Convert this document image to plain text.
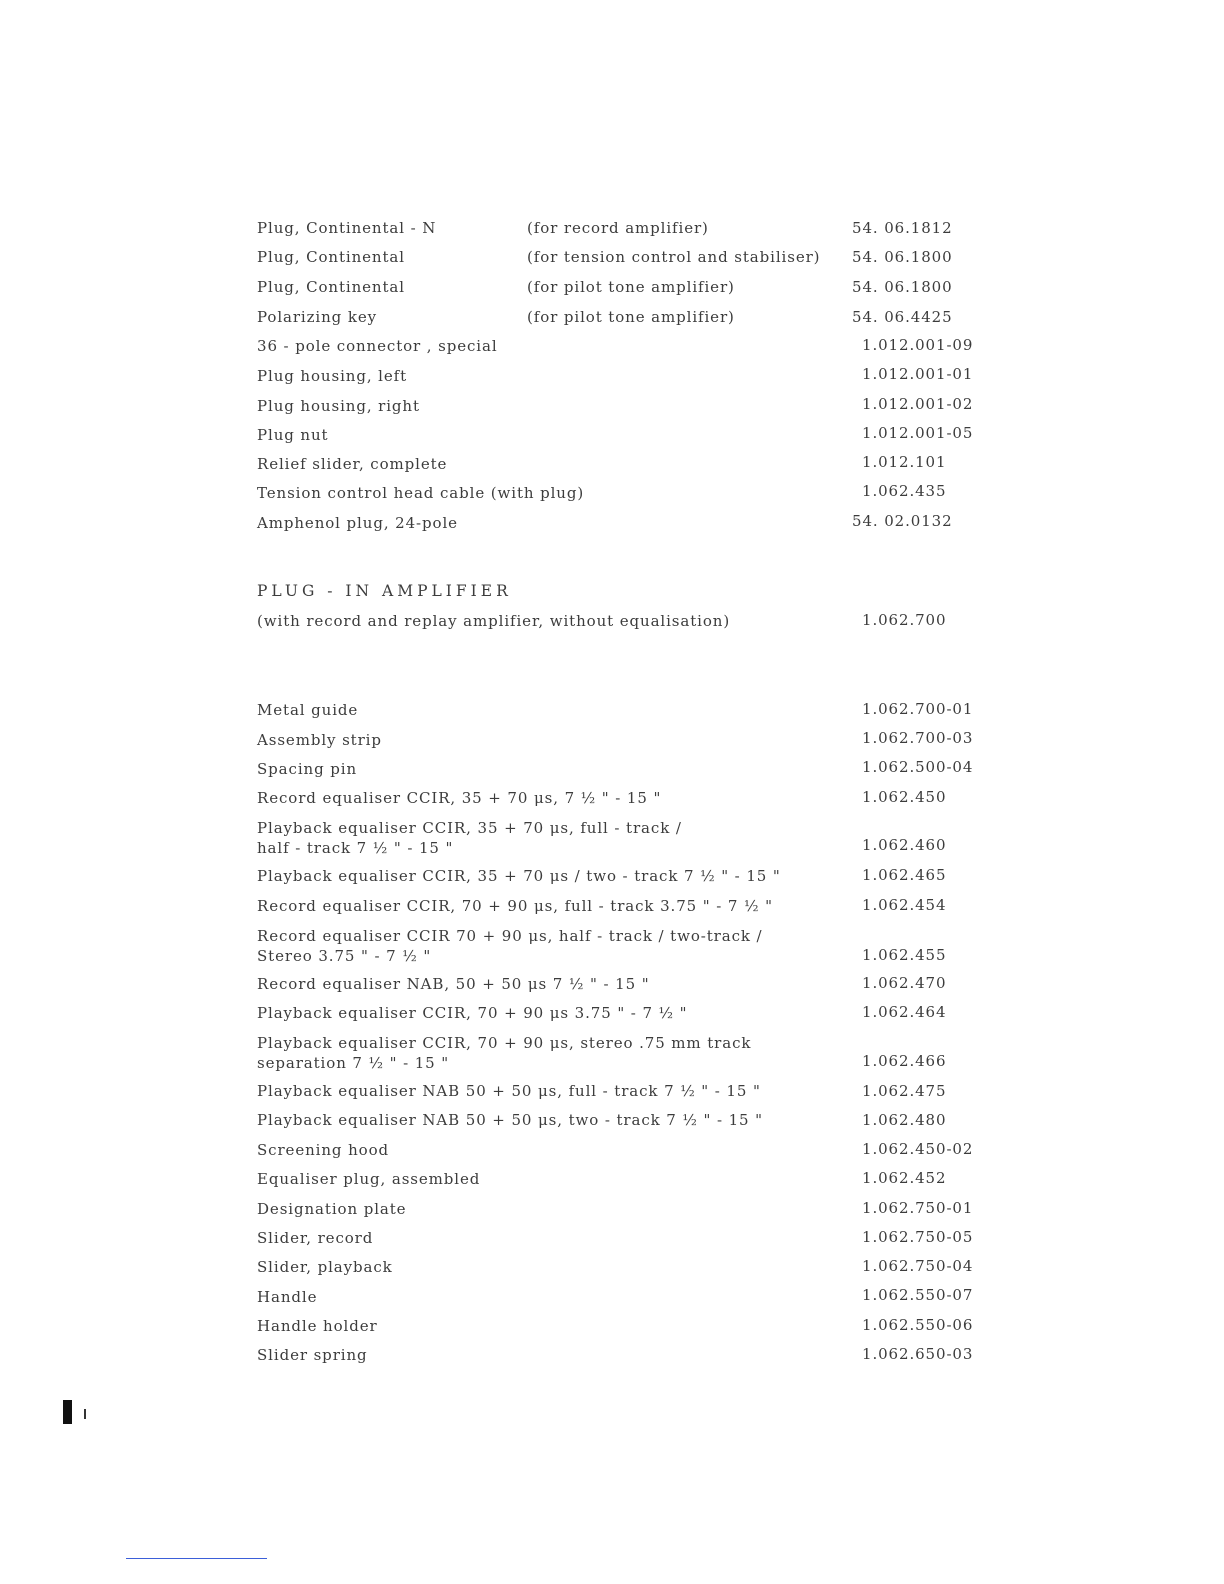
Plug, Continental - N	(for record amplifier)	54. 06.1812
Plug, Continental	(for tension control and stabiliser) 54. 06.1800
Plug, Continental	(for pilot tone amplifier)	54. 06.1800
Polarizing key	(for pilot tone amplifier)	54. 06.4425
36 - pole connector , special	1.012.001-09
Plug housing, left	1.012.001-01
Plug housing, right	1.012.001-02
Plug nut	1.012.001-05
Relief slider, complete	1.012.101
Tension control head cable (with plug)	1.062.435
Amphenol plug, 24-pole	54. 02.0132
PLUG - IN AMPLIFIER
(with record and replay amplifier, without equalisation)	1.062.700
Metal guide	1.062.700-01
Assembly strip	1.062.700-03
Spacing pin	1.062.500-04
Record equaliser CCIR, 35 + 70 μs, 7 ½ " - 15 "	1.062.450
Playback equaliser CCIR, 35 + 70 μs, full - track /
half - track 7 ½ " - 15 "	1.062.460
Playback equaliser CCIR, 35 + 70 μs / two - track 7 ½ " - 15 "	1.062.465
Record equaliser CCIR, 70 + 90 μs, full - track 3.75 " - 7 ½ "	1.062.454
Record equaliser CCIR 70 + 90 μs, half - track / two-track /
Stereo 3.75 " - 7 ½ "	1.062.455
Record equaliser NAB, 50 + 50 μs 7 ½ " - 15 "	1.062.470
Playback equaliser CCIR, 70 + 90 μs 3.75 " - 7 ½ "	1.062.464
Playback equaliser CCIR, 70 + 90 μs, stereo .75 mm track
separation 7 ½ " - 15 "	1.062.466
Playback equaliser NAB 50 + 50 μs, full - track 7 ½ " - 15 "	1.062.475
Playback equaliser NAB 50 + 50 μs, two - track 7 ½ " - 15 "	1.062.480
Screening hood	1.062.450-02
Equaliser plug, assembled	1.062.452
Designation plate	1.062.750-01
Slider, record	1.062.750-05
Slider, playback	1.062.750-04
Handle	1.062.550-07
Handle holder	1.062.550-06
Slider spring	1.062.650-03
